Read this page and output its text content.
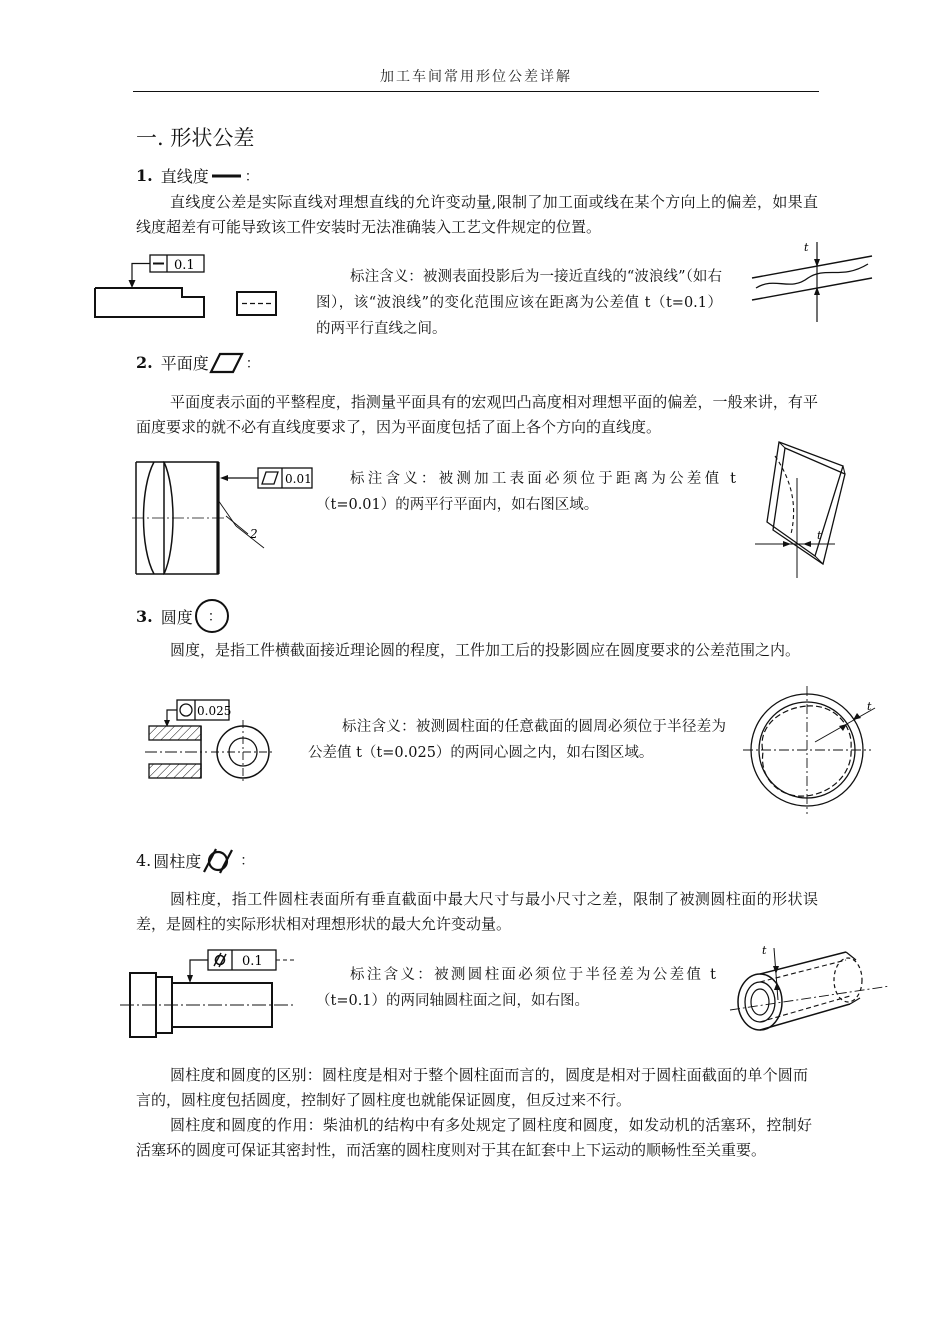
加工车间常用形位公差详解
一. 形状公差
1. 直线度	：
直线度公差是实际直线对理想直线的允许变动量,限制了加工面或线在某个方向上的偏差，如果直线度超差有可能导致该工件安装时无法准确装入工艺文件规定的位置。
0.1
标注含义：被测表面投影后为一接近直线的“波浪线”（如右图），该“波浪线”的变化范围应该在距离为公差值 t（t=0.1）的两平行直线之间。
t
2. 平面度	：
平面度表示面的平整程度，指测量平面具有的宏观凹凸高度相对理想平面的偏差，一般来讲，有平面度要求的就不必有直线度要求了，因为平面度包括了面上各个方向的直线度。
2
0.01	标注含义：被测加工表面必须位于距离为公差值 t（t=0.01）的两平行平面内，如右图区域。
t
3. 圆度 ：
圆度，是指工件横截面接近理论圆的程度，工件加工后的投影圆应在圆度要求的公差范围之内。
0.025
标注含义：被测圆柱面的任意截面的圆周必须位于半径差为公差值 t（t=0.025）的两同心圆之内，如右图区域。
t
4. 圆柱度	：
圆柱度，指工件圆柱表面所有垂直截面中最大尺寸与最小尺寸之差，限制了被测圆柱面的形状误差，是圆柱的实际形状相对理想形状的最大允许变动量。
0.1
标注含义：被测圆柱面必须位于半径差为公差值 t（t=0.1）的两同轴圆柱面之间，如右图。
t
圆柱度和圆度的区别：圆柱度是相对于整个圆柱面而言的，圆度是相对于圆柱面截面的单个圆而言的，圆柱度包括圆度，控制好了圆柱度也就能保证圆度，但反过来不行。
圆柱度和圆度的作用：柴油机的结构中有多处规定了圆柱度和圆度，如发动机的活塞环，控制好活塞环的圆度可保证其密封性，而活塞的圆柱度则对于其在缸套中上下运动的顺畅性至关重要。
